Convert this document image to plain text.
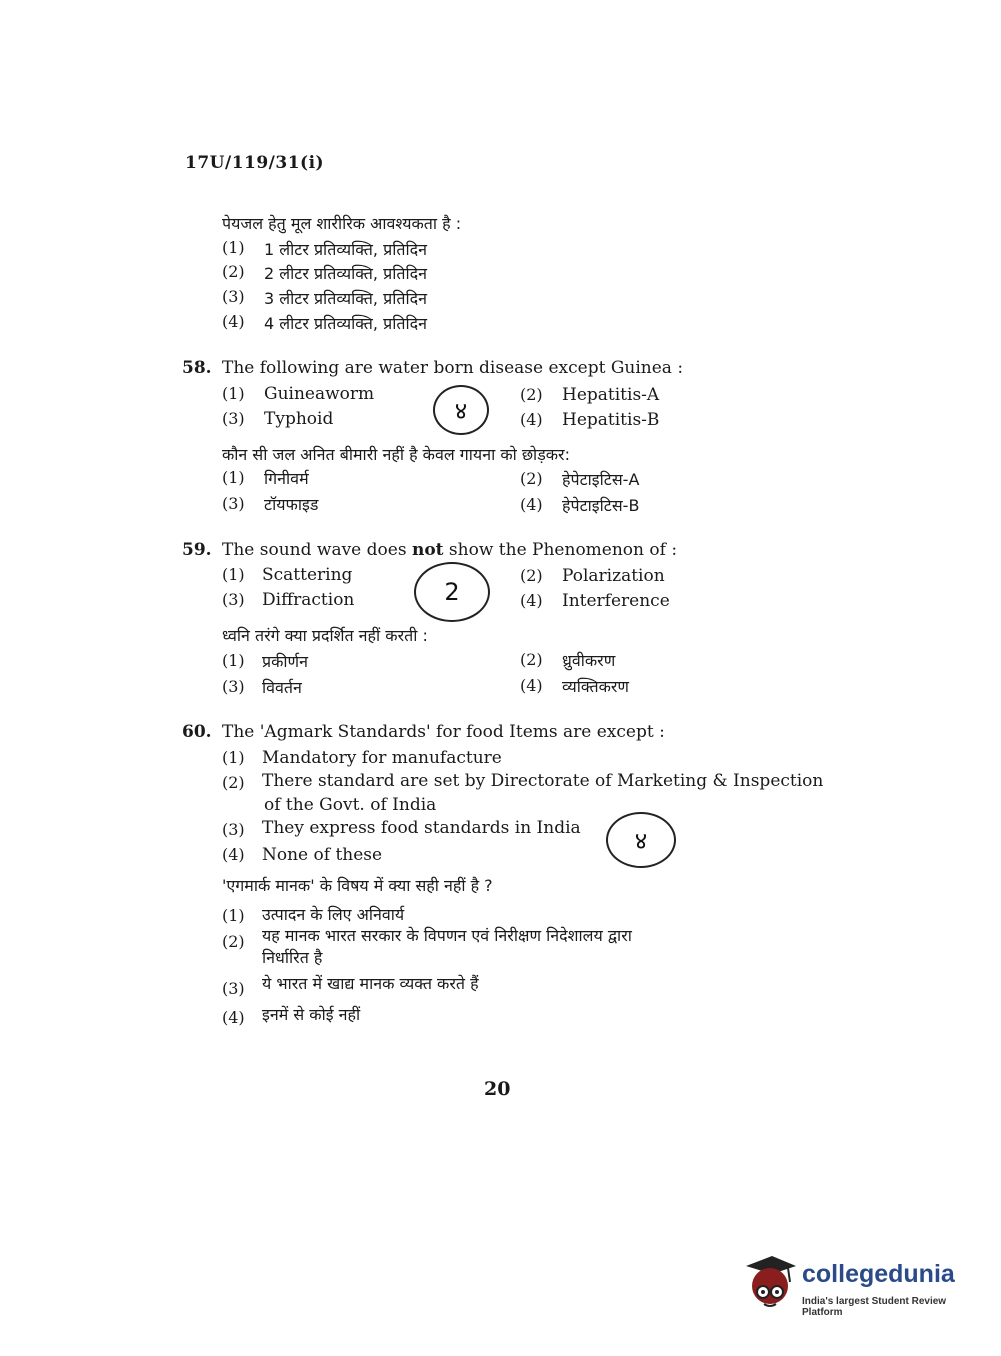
17U/119/31(i)
पेयजल हेतु मूल शारीरिक आवश्यकता है :
(1) 1 लीटर प्रतिव्यक्ति, प्रतिदिन
(2) 2 लीटर प्रतिव्यक्ति, प्रतिदिन
(3) 3 लीटर प्रतिव्यक्ति, प्रतिदिन
(4) 4 लीटर प्रतिव्यक्ति, प्रतिदिन
58. The following are water born disease except Guinea :
(1) Guineaworm	(2) Hepatitis-A
(3) Typhoid	(4) Hepatitis-B
४
कौन सी जल अनित बीमारी नहीं है केवल गायना को छोड़कर:
(1) गिनीवर्म	(2) हेपेटाइटिस-A
(3) टॉयफाइड	(4) हेपेटाइटिस-B
59. The sound wave does not show the Phenomenon of :
(1) Scattering	(2) Polarization
(3) Diffraction	(4) Interference
2
ध्वनि तरंगे क्या प्रदर्शित नहीं करती :
(1) प्रकीर्णन	(2) ध्रुवीकरण
(3) विवर्तन	(4) व्यक्तिकरण
60. The 'Agmark Standards' for food Items are except :
(1) Mandatory for manufacture
(2) There standard are set by Directorate of Marketing & Inspection
of the Govt. of India
(3) They express food standards in India
(4) None of these
४
'एगमार्क मानक' के विषय में क्या सही नहीं है ?
(1) उत्पादन के लिए अनिवार्य
(2) यह मानक भारत सरकार के विपणन एवं निरीक्षण निदेशालय द्वारा
निर्धारित है
(3) ये भारत में खाद्य मानक व्यक्त करते हैं
(4) इनमें से कोई नहीं
20
collegedunia
India's largest Student Review Platform
